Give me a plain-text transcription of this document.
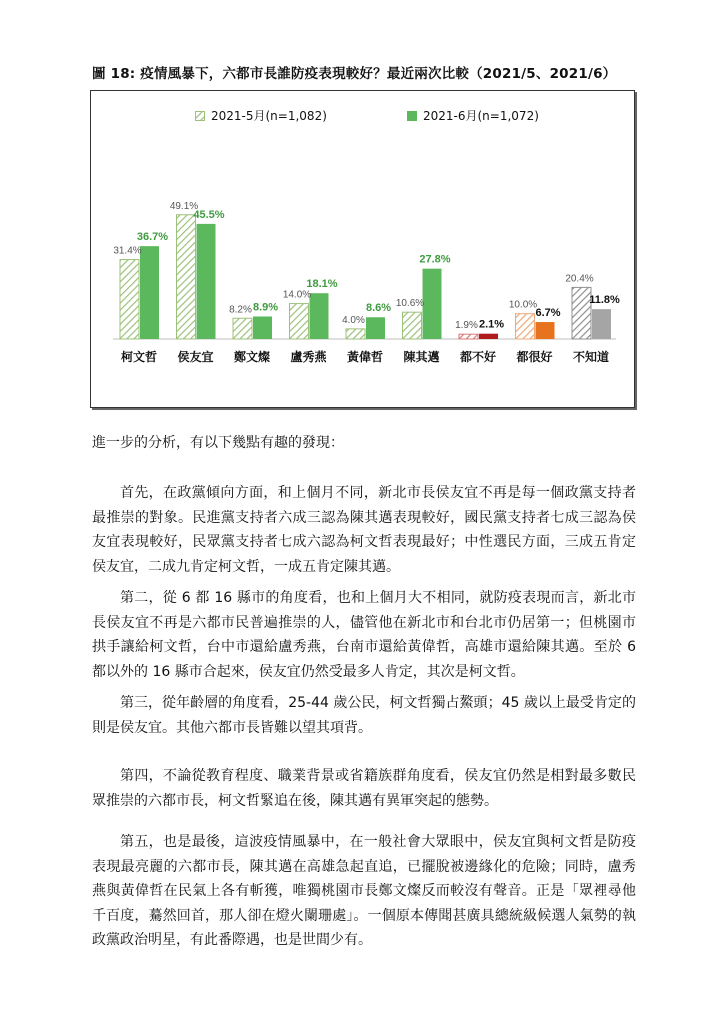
圖 18: 疫情風暴下，六都市長誰防疫表現較好？最近兩次比較（2021/5、2021/6）
2021-5月(n=1,082)	2021-6月(n=1,072)
31.4%
36.7%
柯文哲
49.1%
45.5%
侯友宜
8.2% 8.9%
鄭文燦
14.0%
18.1%
盧秀燕
4.0%
8.6%
黃偉哲
10.6%
27.8%
陳其邁
1.9% 2.1%
都不好
10.0%
6.7%
都很好
20.4%
11.8%
不知道
進一步的分析，有以下幾點有趣的發現：
首先，在政黨傾向方面，和上個月不同，新北市長侯友宜不再是每一個政黨支持者最推崇的對象。民進黨支持者六成三認為陳其邁表現較好，國民黨支持者七成三認為侯友宜表現較好，民眾黨支持者七成六認為柯文哲表現最好；中性選民方面，三成五肯定侯友宜，二成九肯定柯文哲，一成五肯定陳其邁。
第二，從 6 都 16 縣市的角度看，也和上個月大不相同，就防疫表現而言，新北市長侯友宜不再是六都市民普遍推崇的人，儘管他在新北市和台北市仍居第一；但桃園市拱手讓給柯文哲，台中市還給盧秀燕，台南市還給黃偉哲，高雄市還給陳其邁。至於 6 都以外的 16 縣市合起來，侯友宜仍然受最多人肯定，其次是柯文哲。
第三，從年齡層的角度看，25-44 歲公民，柯文哲獨占鰲頭；45 歲以上最受肯定的則是侯友宜。其他六都市長皆難以望其項背。
第四，不論從教育程度、職業背景或省籍族群角度看，侯友宜仍然是相對最多數民眾推崇的六都市長，柯文哲緊追在後，陳其邁有異軍突起的態勢。
第五，也是最後，這波疫情風暴中，在一般社會大眾眼中，侯友宜與柯文哲是防疫表現最亮麗的六都市長，陳其邁在高雄急起直追，已擺脫被邊緣化的危險；同時，盧秀燕與黃偉哲在民氣上各有斬獲，唯獨桃園市長鄭文燦反而較沒有聲音。正是「眾裡尋他千百度，驀然回首，那人卻在燈火闌珊處」。一個原本傳聞甚廣具總統級候選人氣勢的執政黨政治明星，有此番際遇，也是世間少有。
